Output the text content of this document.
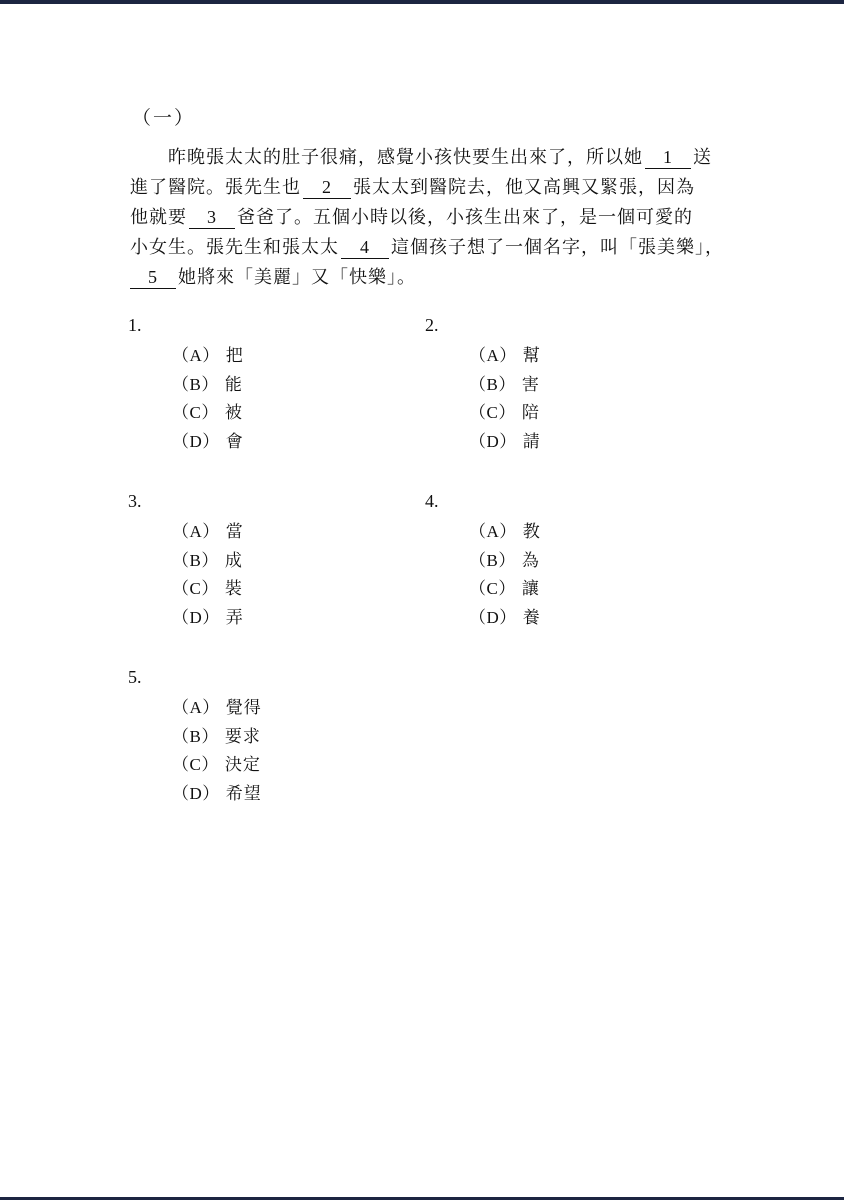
（一）
昨晚張太太的肚子很痛，感覺小孩快要生出來了，所以她 1 送
進了醫院。張先生也 2 張太太到醫院去，他又高興又緊張，因為
他就要 3 爸爸了。五個小時以後，小孩生出來了，是一個可愛的
小女生。張先生和張太太 4 這個孩子想了一個名字，叫「張美樂」，
5 她將來「美麗」又「快樂」。
1.
（A） 把
（B） 能
（C） 被
（D） 會
2.
（A） 幫
（B） 害
（C） 陪
（D） 請
3.
（A） 當
（B） 成
（C） 裝
（D） 弄
4.
（A） 教
（B） 為
（C） 讓
（D） 養
5.
（A） 覺得
（B） 要求
（C） 決定
（D） 希望
